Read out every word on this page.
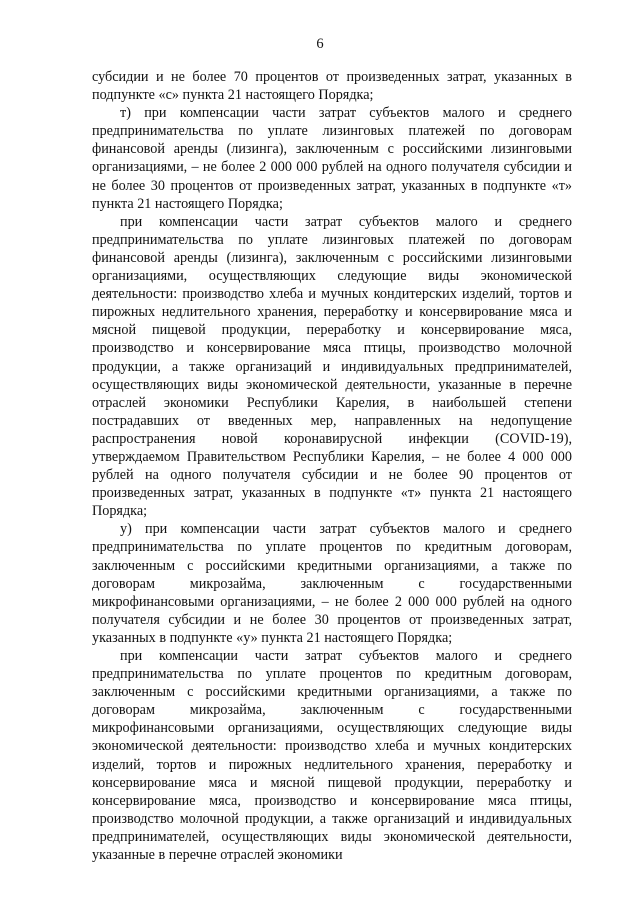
6

субсидии и не более 70 процентов от произведенных затрат, указанных в подпункте «с» пункта 21 настоящего Порядка;

т) при компенсации части затрат субъектов малого и среднего предпринимательства по уплате лизинговых платежей по договорам финансовой аренды (лизинга), заключенным с российскими лизинговыми организациями, – не более 2 000 000 рублей на одного получателя субсидии и не более 30 процентов от произведенных затрат, указанных в подпункте «т» пункта 21 настоящего Порядка;

при компенсации части затрат субъектов малого и среднего предпринимательства по уплате лизинговых платежей по договорам финансовой аренды (лизинга), заключенным с российскими лизинговыми организациями, осуществляющих следующие виды экономической деятельности: производство хлеба и мучных кондитерских изделий, тортов и пирожных недлительного хранения, переработку и консервирование мяса и мясной пищевой продукции, переработку и консервирование мяса, производство и консервирование мяса птицы, производство молочной продукции, а также организаций и индивидуальных предпринимателей, осуществляющих виды экономической деятельности, указанные в перечне отраслей экономики Республики Карелия, в наибольшей степени пострадавших от введенных мер, направленных на недопущение распространения новой коронавирусной инфекции (COVID-19), утверждаемом Правительством Республики Карелия, – не более 4 000 000 рублей на одного получателя субсидии и не более 90 процентов от произведенных затрат, указанных в подпункте «т» пункта 21 настоящего Порядка;

у) при компенсации части затрат субъектов малого и среднего предпринимательства по уплате процентов по кредитным договорам, заключенным с российскими кредитными организациями, а также по договорам микрозайма, заключенным с государственными микрофинансовыми организациями, – не более 2 000 000 рублей на одного получателя субсидии и не более 30 процентов от произведенных затрат, указанных в подпункте «у» пункта 21 настоящего Порядка;

при компенсации части затрат субъектов малого и среднего предпринимательства по уплате процентов по кредитным договорам, заключенным с российскими кредитными организациями, а также по договорам микрозайма, заключенным с государственными микрофинансовыми организациями, осуществляющих следующие виды экономической деятельности: производство хлеба и мучных кондитерских изделий, тортов и пирожных недлительного хранения, переработку и консервирование мяса и мясной пищевой продукции, переработку и консервирование мяса, производство и консервирование мяса птицы, производство молочной продукции, а также организаций и индивидуальных предпринимателей, осуществляющих виды экономической деятельности, указанные в перечне отраслей экономики
